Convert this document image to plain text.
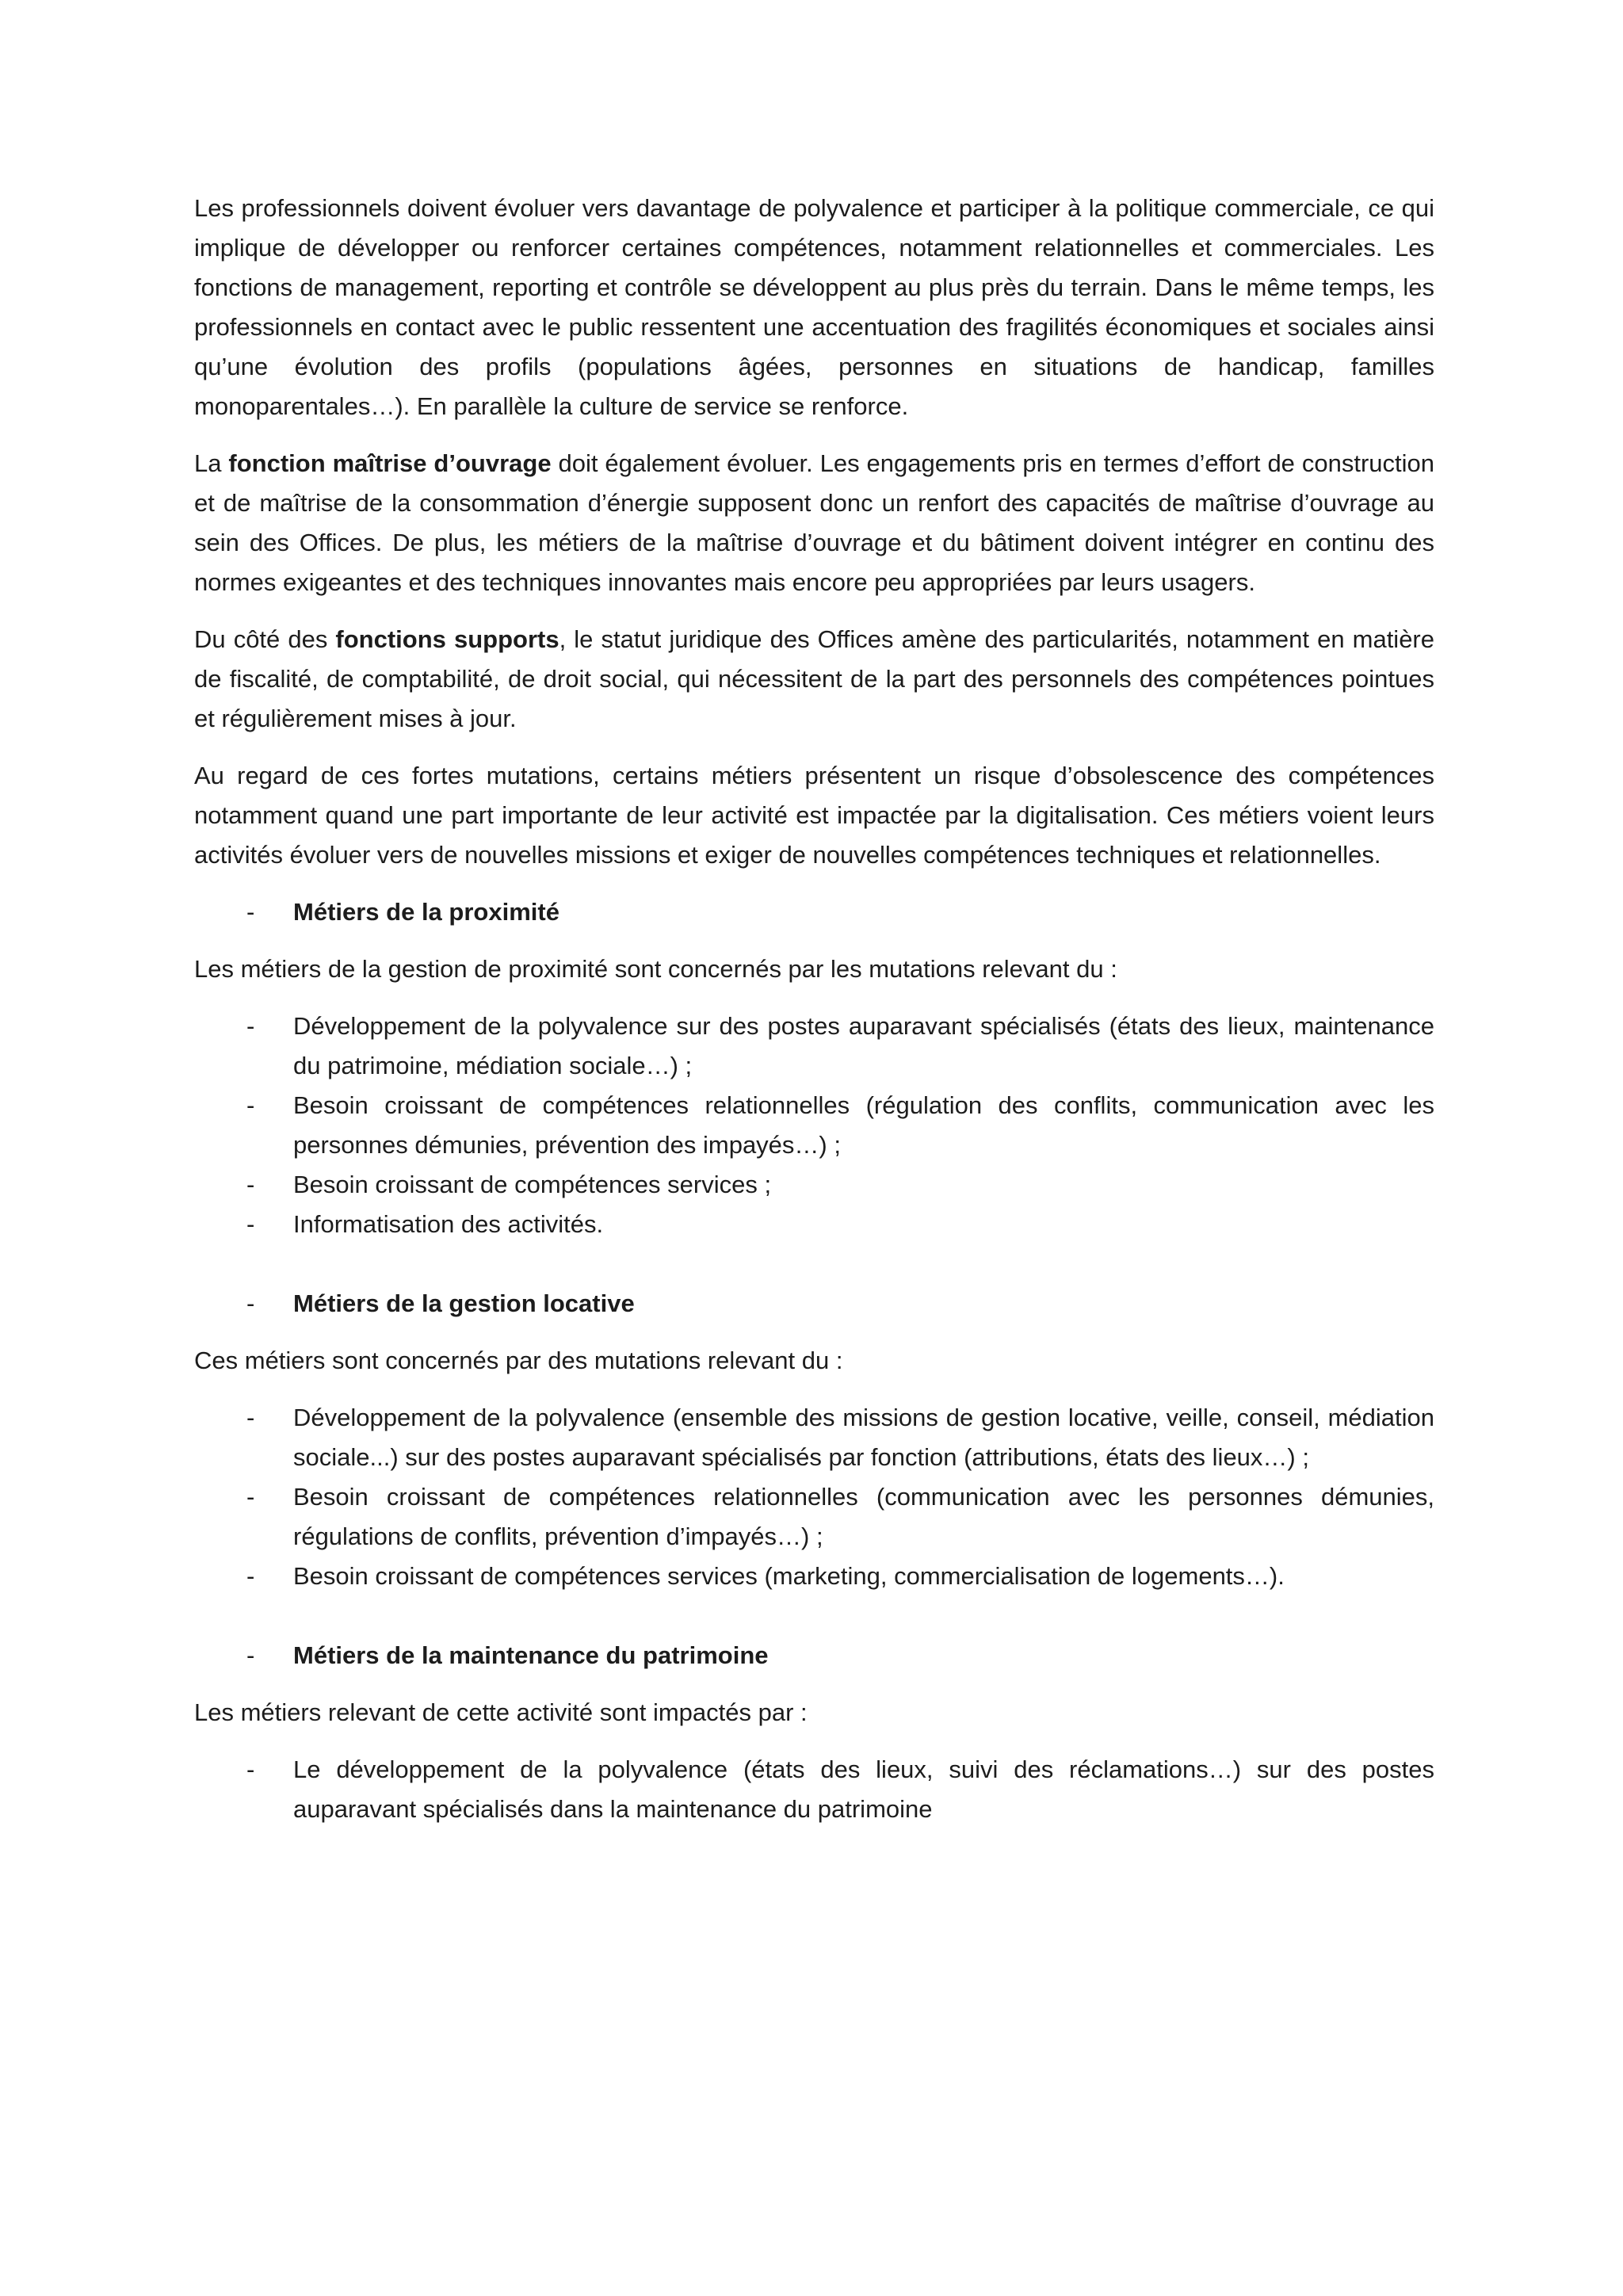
Les professionnels doivent évoluer vers davantage de polyvalence et participer à la politique commerciale, ce qui implique de développer ou renforcer certaines compétences, notamment relationnelles et commerciales. Les fonctions de management, reporting et contrôle se développent au plus près du terrain. Dans le même temps, les professionnels en contact avec le public ressentent une accentuation des fragilités économiques et sociales ainsi qu’une évolution des profils (populations âgées, personnes en situations de handicap, familles monoparentales…). En parallèle la culture de service se renforce.

La fonction maîtrise d’ouvrage doit également évoluer. Les engagements pris en termes d’effort de construction et de maîtrise de la consommation d’énergie supposent donc un renfort des capacités de maîtrise d’ouvrage au sein des Offices. De plus, les métiers de la maîtrise d’ouvrage et du bâtiment doivent intégrer en continu des normes exigeantes et des techniques innovantes mais encore peu appropriées par leurs usagers.

Du côté des fonctions supports, le statut juridique des Offices amène des particularités, notamment en matière de fiscalité, de comptabilité, de droit social, qui nécessitent de la part des personnels des compétences pointues et régulièrement mises à jour.

Au regard de ces fortes mutations, certains métiers présentent un risque d’obsolescence des compétences notamment quand une part importante de leur activité est impactée par la digitalisation. Ces métiers voient leurs activités évoluer vers de nouvelles missions et exiger de nouvelles compétences techniques et relationnelles.

- Métiers de la proximité

Les métiers de la gestion de proximité sont concernés par les mutations relevant du :

- Développement de la polyvalence sur des postes auparavant spécialisés (états des lieux, maintenance du patrimoine, médiation sociale…) ;
- Besoin croissant de compétences relationnelles (régulation des conflits, communication avec les personnes démunies, prévention des impayés…) ;
- Besoin croissant de compétences services ;
- Informatisation des activités.
- Métiers de la gestion locative

Ces métiers sont concernés par des mutations relevant du :

- Développement de la polyvalence (ensemble des missions de gestion locative, veille, conseil, médiation sociale...) sur des postes auparavant spécialisés par fonction (attributions, états des lieux…) ;
- Besoin croissant de compétences relationnelles (communication avec les personnes démunies, régulations de conflits, prévention d’impayés…) ;
- Besoin croissant de compétences services (marketing, commercialisation de logements…).
- Métiers de la maintenance du patrimoine

Les métiers relevant de cette activité sont impactés par :

- Le développement de la polyvalence (états des lieux, suivi des réclamations…) sur des postes auparavant spécialisés dans la maintenance du patrimoine
